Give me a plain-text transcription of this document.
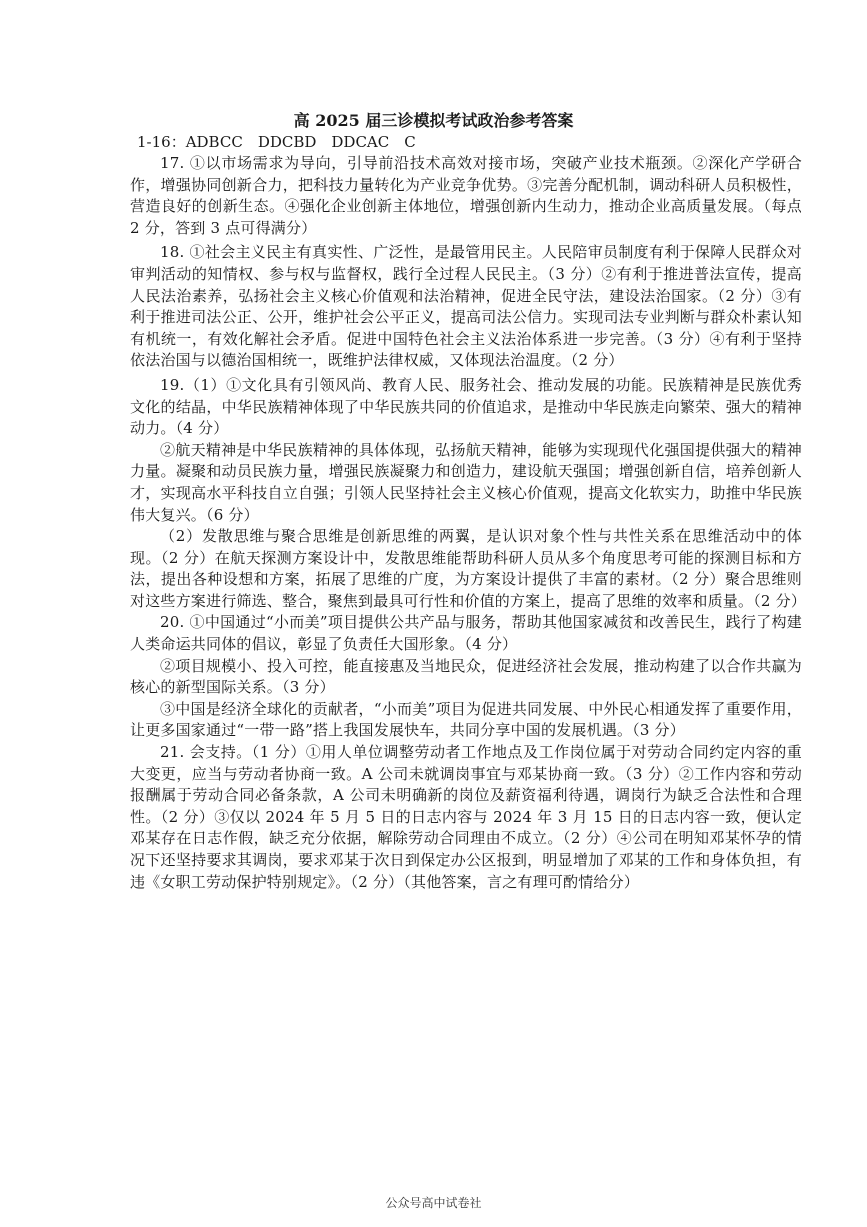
高 2025 届三诊模拟考试政治参考答案
1-16：ADBCC　DDCBD　DDCAC　C

17. ①以市场需求为导向，引导前沿技术高效对接市场，突破产业技术瓶颈。②深化产学研合作，增强协同创新合力，把科技力量转化为产业竞争优势。③完善分配机制，调动科研人员积极性，营造良好的创新生态。④强化企业创新主体地位，增强创新内生动力，推动企业高质量发展。（每点 2 分，答到 3 点可得满分）

18. ①社会主义民主有真实性、广泛性，是最管用民主。人民陪审员制度有利于保障人民群众对审判活动的知情权、参与权与监督权，践行全过程人民民主。（3 分）②有利于推进普法宣传，提高人民法治素养，弘扬社会主义核心价值观和法治精神，促进全民守法，建设法治国家。（2 分）③有利于推进司法公正、公开，维护社会公平正义，提高司法公信力。实现司法专业判断与群众朴素认知有机统一，有效化解社会矛盾。促进中国特色社会主义法治体系进一步完善。（3 分）④有利于坚持依法治国与以德治国相统一，既维护法律权威，又体现法治温度。（2 分）

19.（1）①文化具有引领风尚、教育人民、服务社会、推动发展的功能。民族精神是民族优秀文化的结晶，中华民族精神体现了中华民族共同的价值追求，是推动中华民族走向繁荣、强大的精神动力。（4 分）

②航天精神是中华民族精神的具体体现，弘扬航天精神，能够为实现现代化强国提供强大的精神力量。凝聚和动员民族力量，增强民族凝聚力和创造力，建设航天强国；增强创新自信，培养创新人才，实现高水平科技自立自强；引领人民坚持社会主义核心价值观，提高文化软实力，助推中华民族伟大复兴。（6 分）

（2）发散思维与聚合思维是创新思维的两翼，是认识对象个性与共性关系在思维活动中的体现。（2 分）在航天探测方案设计中，发散思维能帮助科研人员从多个角度思考可能的探测目标和方法，提出各种设想和方案，拓展了思维的广度，为方案设计提供了丰富的素材。（2 分）聚合思维则对这些方案进行筛选、整合，聚焦到最具可行性和价值的方案上，提高了思维的效率和质量。（2 分）

20. ①中国通过“小而美”项目提供公共产品与服务，帮助其他国家减贫和改善民生，践行了构建人类命运共同体的倡议，彰显了负责任大国形象。（4 分）

②项目规模小、投入可控，能直接惠及当地民众，促进经济社会发展，推动构建了以合作共赢为核心的新型国际关系。（3 分）

③中国是经济全球化的贡献者，“小而美”项目为促进共同发展、中外民心相通发挥了重要作用，让更多国家通过“一带一路”搭上我国发展快车，共同分享中国的发展机遇。（3 分）

21. 会支持。（1 分）①用人单位调整劳动者工作地点及工作岗位属于对劳动合同约定内容的重大变更，应当与劳动者协商一致。A 公司未就调岗事宜与邓某协商一致。（3 分）②工作内容和劳动报酬属于劳动合同必备条款，A 公司未明确新的岗位及薪资福利待遇，调岗行为缺乏合法性和合理性。（2 分）③仅以 2024 年 5 月 5 日的日志内容与 2024 年 3 月 15 日的日志内容一致，便认定邓某存在日志作假，缺乏充分依据，解除劳动合同理由不成立。（2 分）④公司在明知邓某怀孕的情况下还坚持要求其调岗，要求邓某于次日到保定办公区报到，明显增加了邓某的工作和身体负担，有违《女职工劳动保护特别规定》。（2 分）（其他答案，言之有理可酌情给分）

公众号高中试卷社
